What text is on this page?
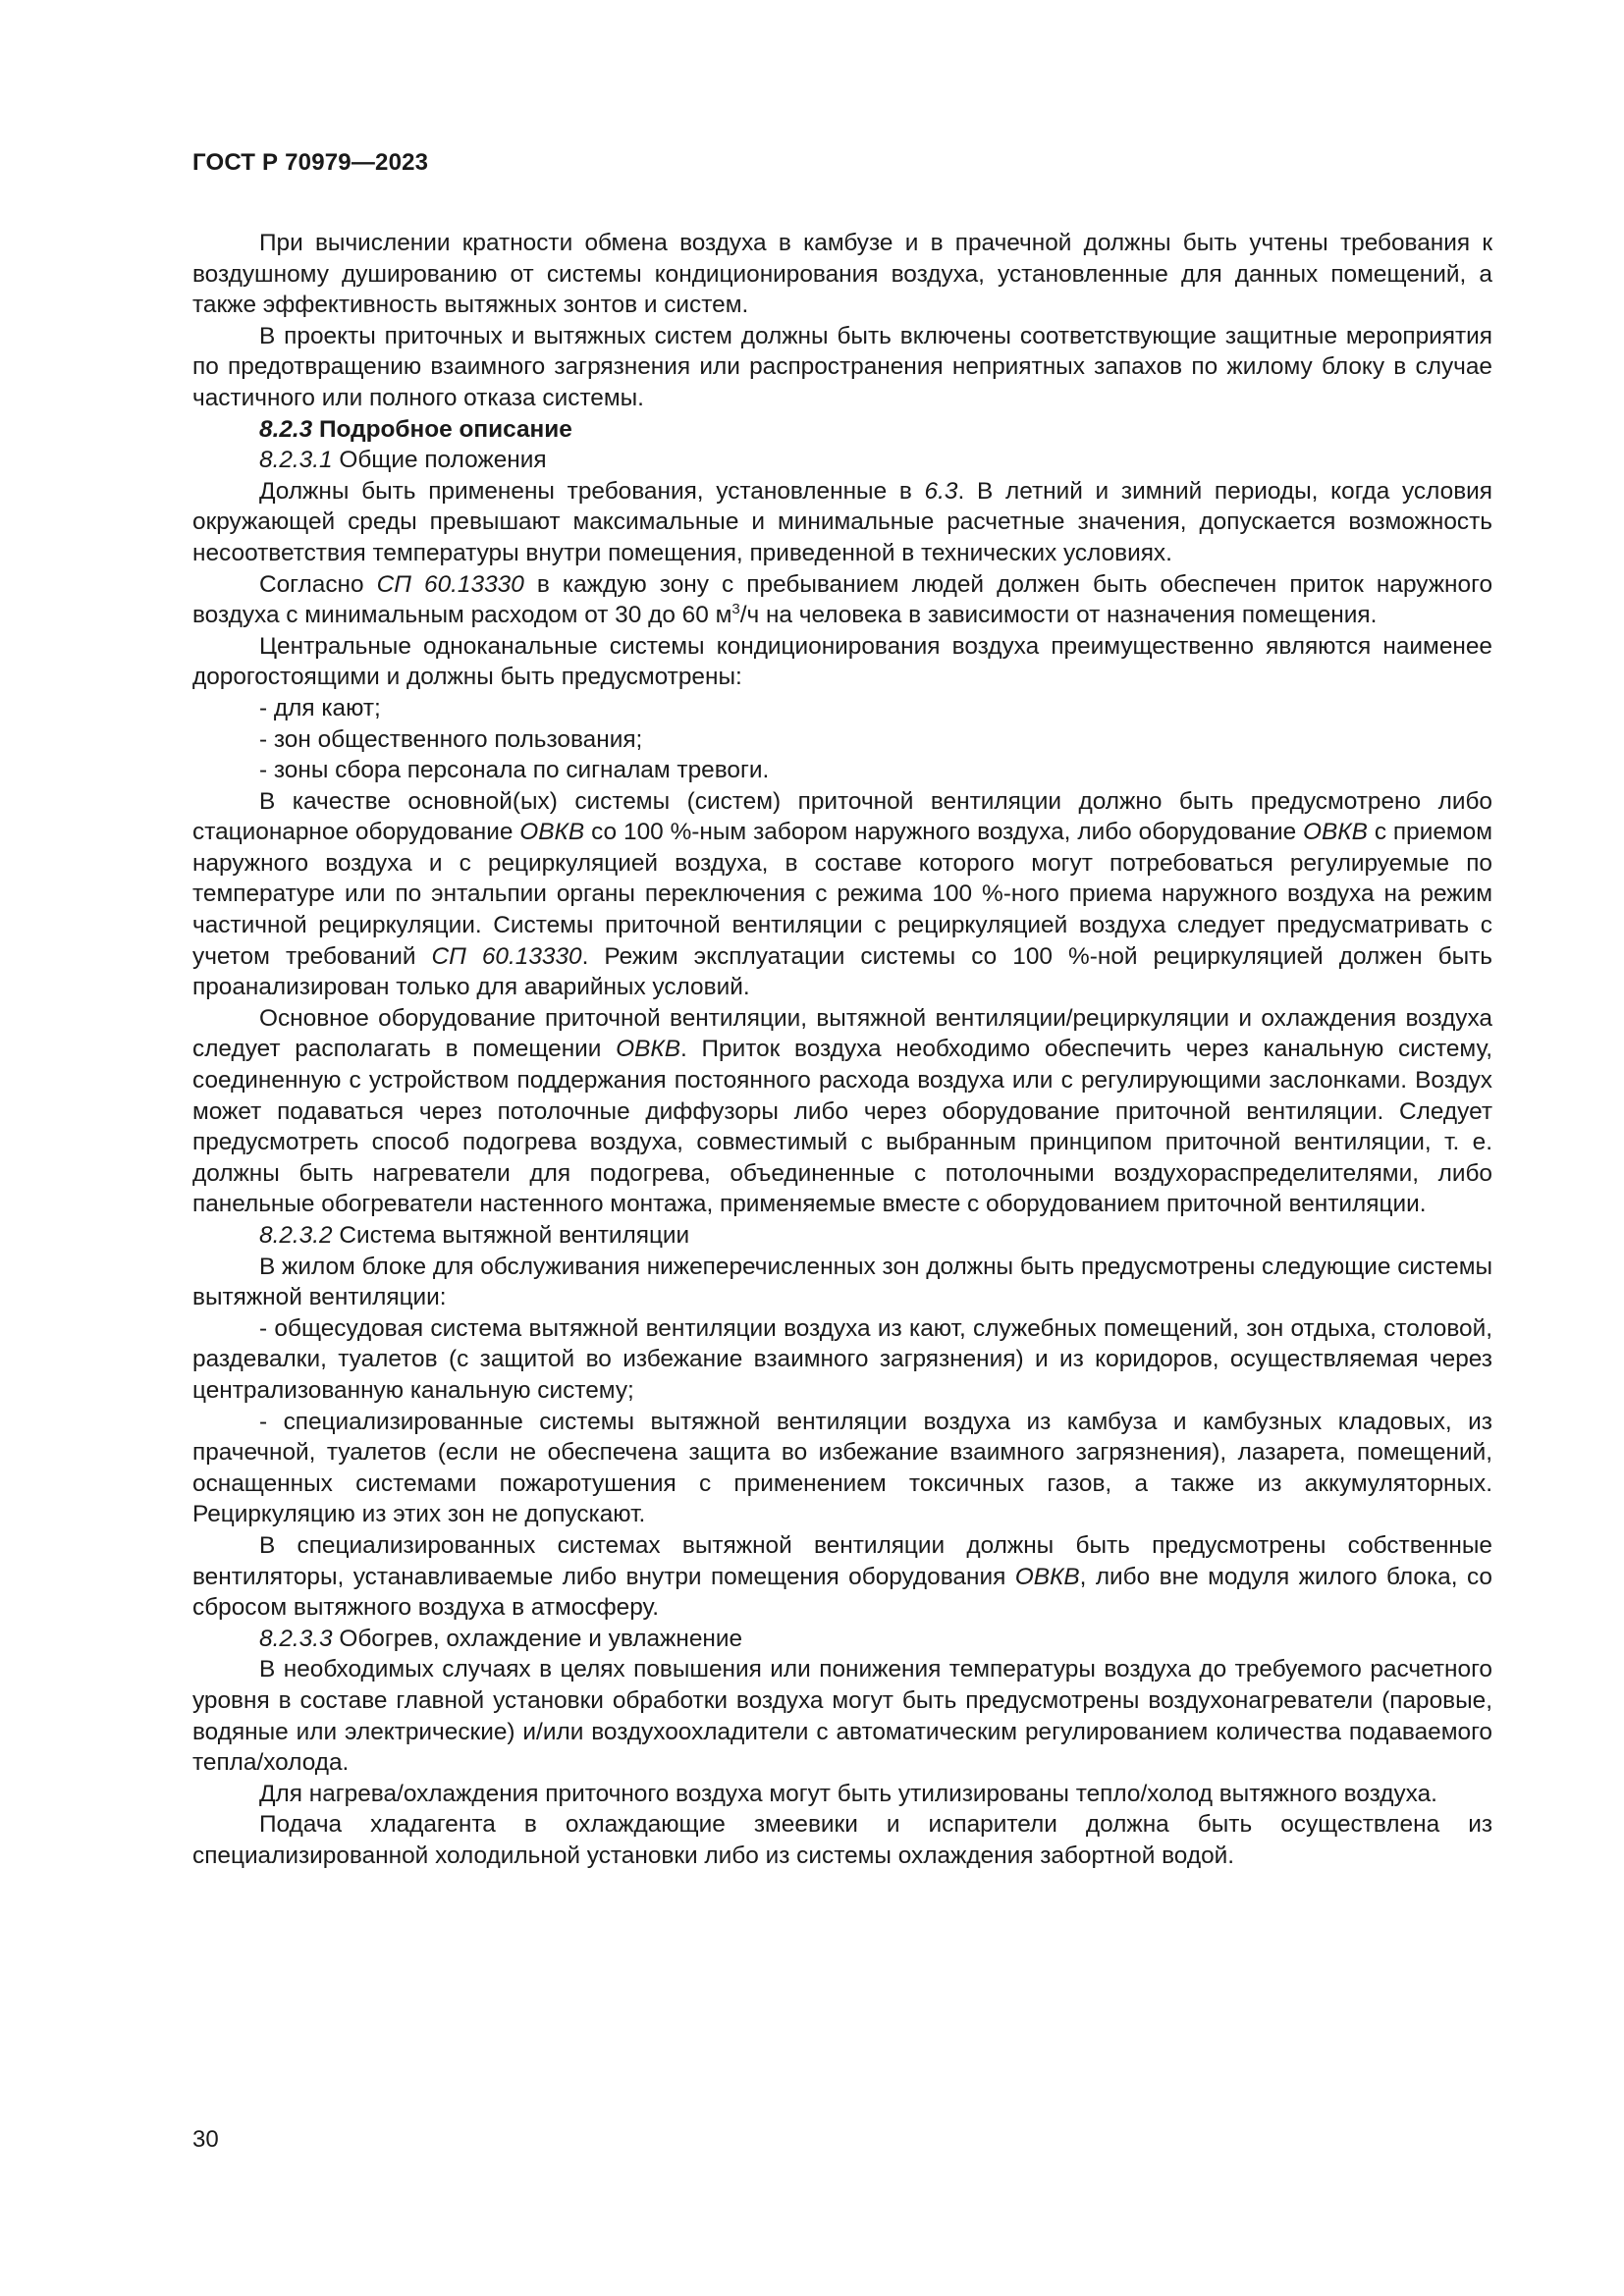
ГОСТ Р 70979—2023

При вычислении кратности обмена воздуха в камбузе и в прачечной должны быть учтены требования к воздушному душированию от системы кондиционирования воздуха, установленные для данных помещений, а также эффективность вытяжных зонтов и систем.

В проекты приточных и вытяжных систем должны быть включены соответствующие защитные мероприятия по предотвращению взаимного загрязнения или распространения неприятных запахов по жилому блоку в случае частичного или полного отказа системы.

8.2.3 Подробное описание

8.2.3.1 Общие положения

Должны быть применены требования, установленные в 6.3. В летний и зимний периоды, когда условия окружающей среды превышают максимальные и минимальные расчетные значения, допускается возможность несоответствия температуры внутри помещения, приведенной в технических условиях.

Согласно СП 60.13330 в каждую зону с пребыванием людей должен быть обеспечен приток наружного воздуха с минимальным расходом от 30 до 60 $м^3/ч$ на человека в зависимости от назначения помещения.

Центральные одноканальные системы кондиционирования воздуха преимущественно являются наименее дорогостоящими и должны быть предусмотрены:

- для кают;

- зон общественного пользования;

- зоны сбора персонала по сигналам тревоги.

В качестве основной(ых) системы (систем) приточной вентиляции должно быть предусмотрено либо стационарное оборудование ОВКВ со 100 %-ным забором наружного воздуха, либо оборудование ОВКВ с приемом наружного воздуха и с рециркуляцией воздуха, в составе которого могут потребоваться регулируемые по температуре или по энтальпии органы переключения с режима 100 %-ного приема наружного воздуха на режим частичной рециркуляции. Системы приточной вентиляции с рециркуляцией воздуха следует предусматривать с учетом требований СП 60.13330. Режим эксплуатации системы со 100 %-ной рециркуляцией должен быть проанализирован только для аварийных условий.

Основное оборудование приточной вентиляции, вытяжной вентиляции/рециркуляции и охлаждения воздуха следует располагать в помещении ОВКВ. Приток воздуха необходимо обеспечить через канальную систему, соединенную с устройством поддержания постоянного расхода воздуха или с регулирующими заслонками. Воздух может подаваться через потолочные диффузоры либо через оборудование приточной вентиляции. Следует предусмотреть способ подогрева воздуха, совместимый с выбранным принципом приточной вентиляции, т. е. должны быть нагреватели для подогрева, объединенные с потолочными воздухораспределителями, либо панельные обогреватели настенного монтажа, применяемые вместе с оборудованием приточной вентиляции.

8.2.3.2 Система вытяжной вентиляции

В жилом блоке для обслуживания нижеперечисленных зон должны быть предусмотрены следующие системы вытяжной вентиляции:

- общесудовая система вытяжной вентиляции воздуха из кают, служебных помещений, зон отдыха, столовой, раздевалки, туалетов (с защитой во избежание взаимного загрязнения) и из коридоров, осуществляемая через централизованную канальную систему;

- специализированные системы вытяжной вентиляции воздуха из камбуза и камбузных кладовых, из прачечной, туалетов (если не обеспечена защита во избежание взаимного загрязнения), лазарета, помещений, оснащенных системами пожаротушения с применением токсичных газов, а также из аккумуляторных. Рециркуляцию из этих зон не допускают.

В специализированных системах вытяжной вентиляции должны быть предусмотрены собственные вентиляторы, устанавливаемые либо внутри помещения оборудования ОВКВ, либо вне модуля жилого блока, со сбросом вытяжного воздуха в атмосферу.

8.2.3.3 Обогрев, охлаждение и увлажнение

В необходимых случаях в целях повышения или понижения температуры воздуха до требуемого расчетного уровня в составе главной установки обработки воздуха могут быть предусмотрены воздухонагреватели (паровые, водяные или электрические) и/или воздухоохладители с автоматическим регулированием количества подаваемого тепла/холода.

Для нагрева/охлаждения приточного воздуха могут быть утилизированы тепло/холод вытяжного воздуха.

Подача хладагента в охлаждающие змеевики и испарители должна быть осуществлена из специализированной холодильной установки либо из системы охлаждения забортной водой.

30
